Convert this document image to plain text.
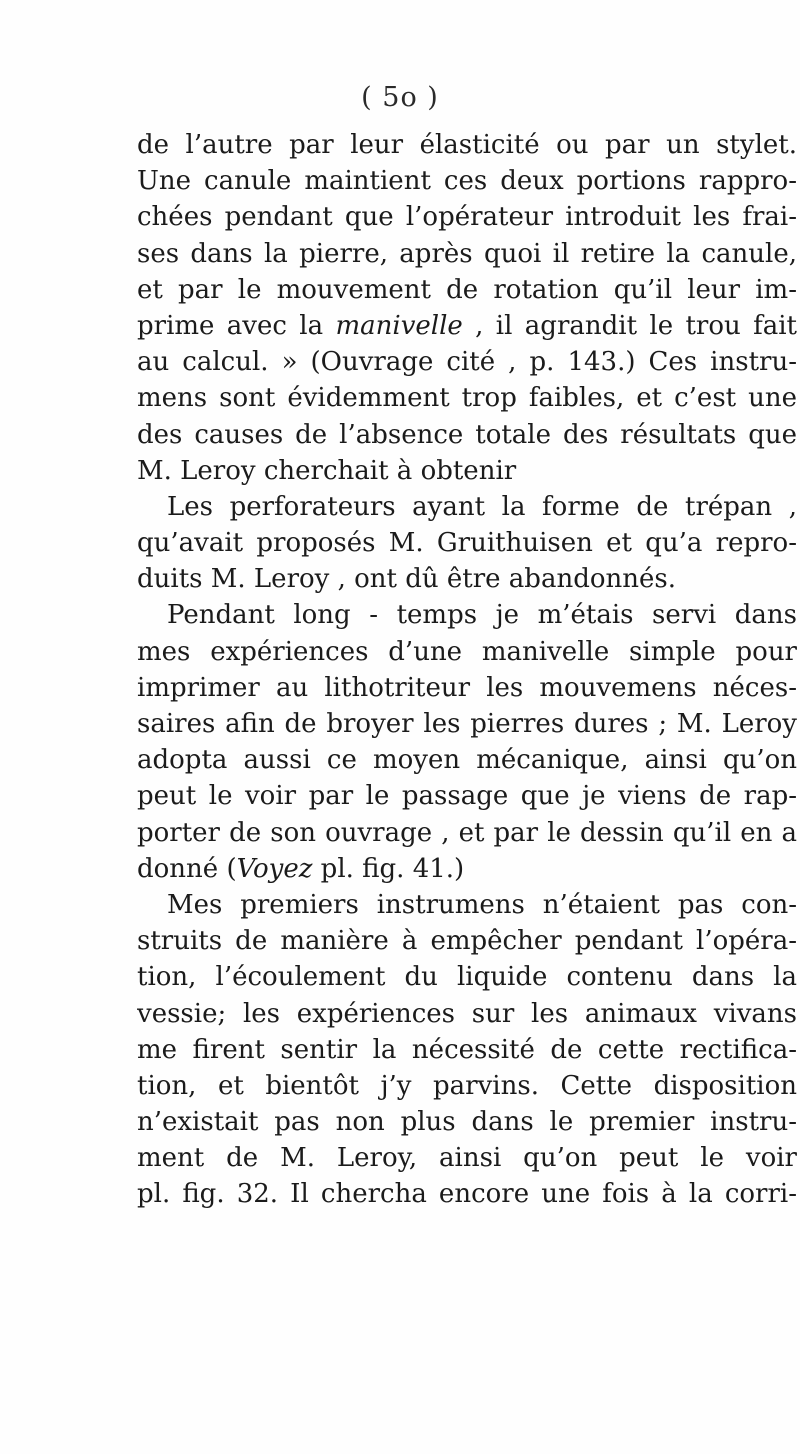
( 5o )
de l’autre par leur élasticité ou par un stylet.
Une canule maintient ces deux portions rappro-
chées pendant que l’opérateur introduit les frai-
ses dans la pierre, après quoi il retire la canule,
et par le mouvement de rotation qu’il leur im-
prime avec la manivelle , il agrandit le trou fait
au calcul. » (Ouvrage cité , p. 143.) Ces instru-
mens sont évidemment trop faibles, et c’est une
des causes de l’absence totale des résultats que
M. Leroy cherchait à obtenir
Les perforateurs ayant la forme de trépan ,
qu’avait proposés M. Gruithuisen et qu’a repro-
duits M. Leroy , ont dû être abandonnés.
Pendant long - temps je m’étais servi dans
mes expériences d’une manivelle simple pour
imprimer au lithotriteur les mouvemens néces-
saires afin de broyer les pierres dures ; M. Leroy
adopta aussi ce moyen mécanique, ainsi qu’on
peut le voir par le passage que je viens de rap-
porter de son ouvrage , et par le dessin qu’il en a
donné (Voyez pl. fig. 41.)
Mes premiers instrumens n’étaient pas con-
struits de manière à empêcher pendant l’opéra-
tion, l’écoulement du liquide contenu dans la
vessie; les expériences sur les animaux vivans
me firent sentir la nécessité de cette rectifica-
tion, et bientôt j’y parvins. Cette disposition
n’existait pas non plus dans le premier instru-
ment de M. Leroy, ainsi qu’on peut le voir
pl. fig. 32. Il chercha encore une fois à la corri-
